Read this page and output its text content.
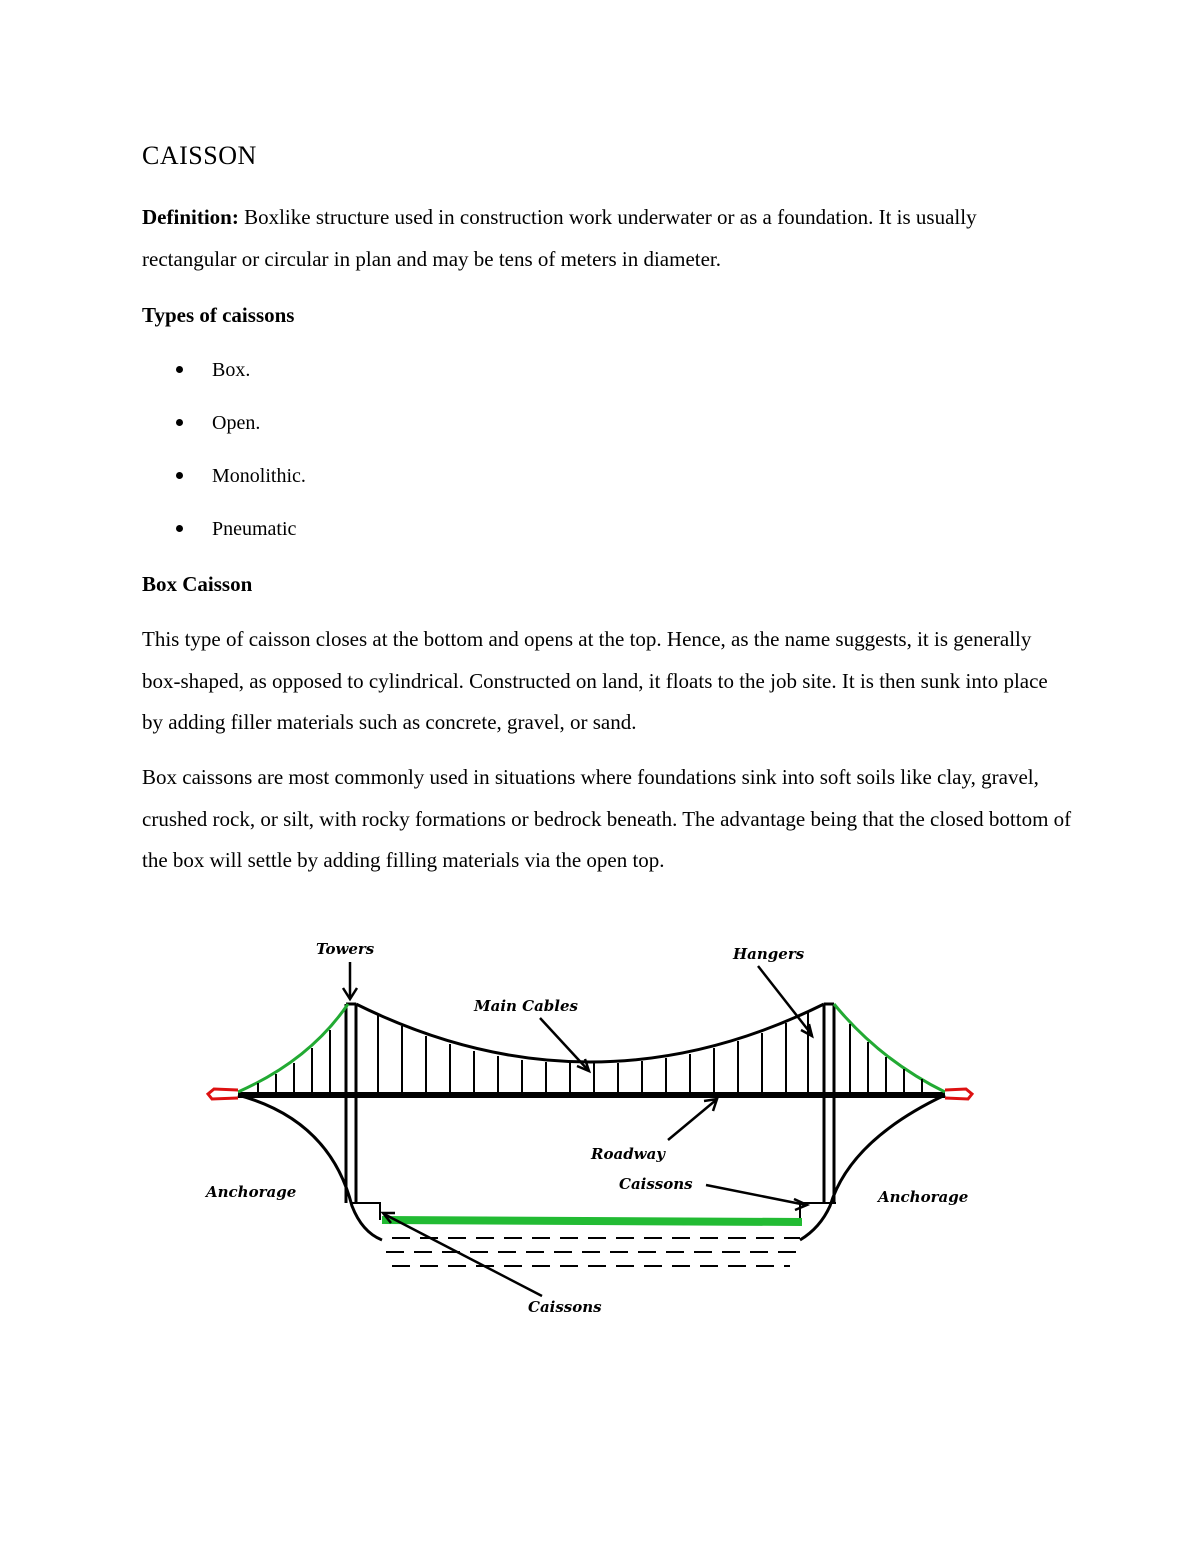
CAISSON

Definition: Boxlike structure used in construction work underwater or as a foundation. It is usually rectangular or circular in plan and may be tens of meters in diameter.

Types of caissons
Box.
Open.
Monolithic.
Pneumatic
Box Caisson

This type of caisson closes at the bottom and opens at the top. Hence, as the name suggests, it is generally box-shaped, as opposed to cylindrical. Constructed on land, it floats to the job site. It is then sunk into place by adding filler materials such as concrete, gravel, or sand.

Box caissons are most commonly used in situations where foundations sink into soft soils like clay, gravel, crushed rock, or silt, with rocky formations or bedrock beneath. The advantage being that the closed bottom of the box will settle by adding filling materials via the open top.

Towers	Hangers
Main Cables
Roadway
Anchorage	Anchorage
Caissons
Caissons
